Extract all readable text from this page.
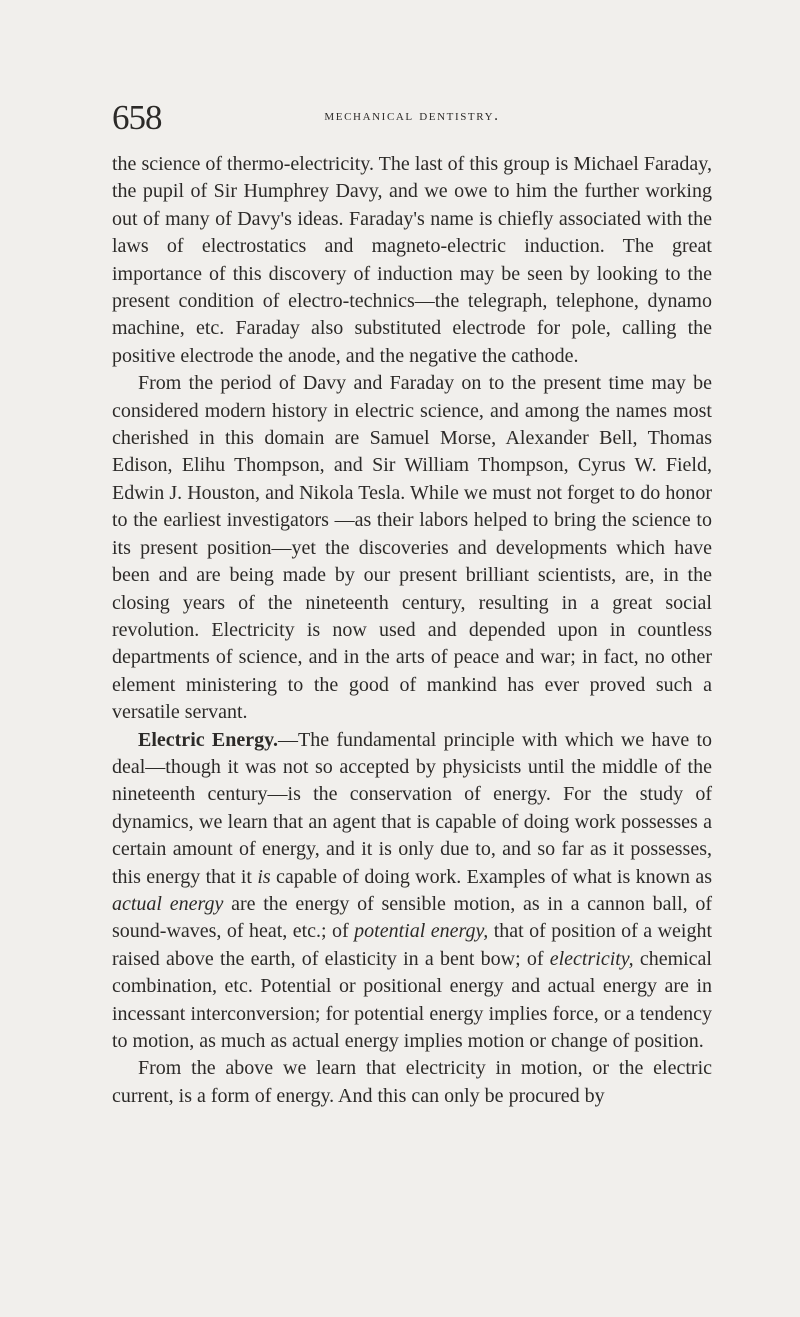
658	mechanical dentistry.

the science of thermo-electricity. The last of this group is Michael Faraday, the pupil of Sir Humphrey Davy, and we owe to him the further working out of many of Davy's ideas. Faraday's name is chiefly associated with the laws of electrostatics and magneto-electric induction. The great importance of this discovery of induction may be seen by looking to the present condition of electro-technics—the telegraph, telephone, dynamo machine, etc. Faraday also substituted electrode for pole, calling the positive electrode the anode, and the negative the cathode.

From the period of Davy and Faraday on to the present time may be considered modern history in electric science, and among the names most cherished in this domain are Samuel Morse, Alexander Bell, Thomas Edison, Elihu Thompson, and Sir William Thompson, Cyrus W. Field, Edwin J. Houston, and Nikola Tesla. While we must not forget to do honor to the earliest investigators —as their labors helped to bring the science to its present position—yet the discoveries and developments which have been and are being made by our present brilliant scientists, are, in the closing years of the nineteenth century, resulting in a great social revolution. Electricity is now used and depended upon in countless departments of science, and in the arts of peace and war; in fact, no other element ministering to the good of mankind has ever proved such a versatile servant.

Electric Energy.—The fundamental principle with which we have to deal—though it was not so accepted by physicists until the middle of the nineteenth century—is the conservation of energy. For the study of dynamics, we learn that an agent that is capable of doing work possesses a certain amount of energy, and it is only due to, and so far as it possesses, this energy that it is capable of doing work. Examples of what is known as actual energy are the energy of sensible motion, as in a cannon ball, of sound-waves, of heat, etc.; of potential energy, that of position of a weight raised above the earth, of elasticity in a bent bow; of electricity, chemical combination, etc. Potential or positional energy and actual energy are in incessant interconversion; for potential energy implies force, or a tendency to motion, as much as actual energy implies motion or change of position.

From the above we learn that electricity in motion, or the electric current, is a form of energy. And this can only be procured by
